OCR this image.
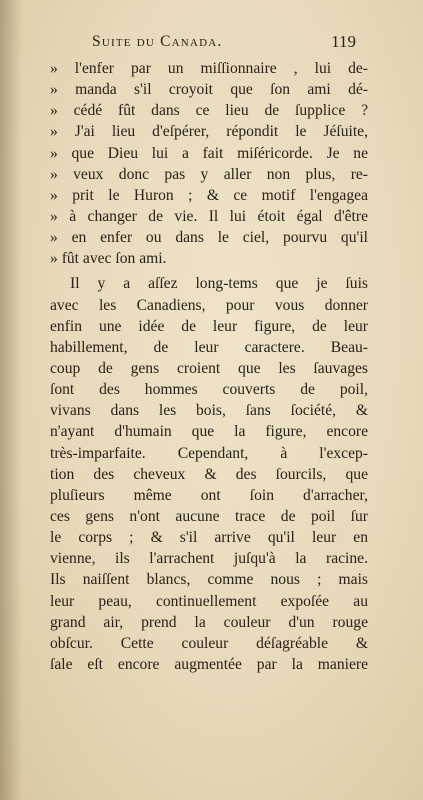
Suite du Canada.	119
» l'enfer par un miſſionnaire , lui de-
» manda s'il croyoit que ſon ami dé-
» cédé fût dans ce lieu de ſupplice ?
» J'ai lieu d'eſpérer, répondit le Jéſuite,
» que Dieu lui a fait miſéricorde. Je ne
» veux donc pas y aller non plus, re-
» prit le Huron ; & ce motif l'engagea
» à changer de vie. Il lui étoit égal d'être
» en enfer ou dans le ciel, pourvu qu'il
» fût avec ſon ami.
Il y a aſſez long-tems que je ſuis
avec les Canadiens, pour vous donner
enfin une idée de leur figure, de leur
habillement, de leur caractere. Beau-
coup de gens croient que les ſauvages
ſont des hommes couverts de poil,
vivans dans les bois, ſans ſociété, &
n'ayant d'humain que la figure, encore
très-imparfaite. Cependant, à l'excep-
tion des cheveux & des ſourcils, que
pluſieurs même ont ſoin d'arracher,
ces gens n'ont aucune trace de poil ſur
le corps ; & s'il arrive qu'il leur en
vienne, ils l'arrachent juſqu'à la racine.
Ils naiſſent blancs, comme nous ; mais
leur peau, continuellement expoſée au
grand air, prend la couleur d'un rouge
obſcur. Cette couleur déſagréable &
ſale eſt encore augmentée par la maniere
